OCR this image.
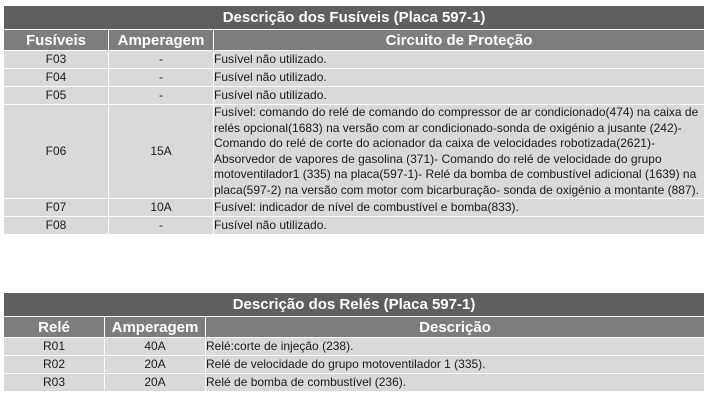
Descrição dos Fusíveis (Placa 597-1)		
Fusíveis	Amperagem	Circuito de Proteção
F03	-	Fusível não utilizado.
F04	-	Fusível não utilizado.
F05	-	Fusível não utilizado.
F06	15A	Fusível: comando do relé de comando do compressor de ar condicionado(474) na caixa de relés opcional(1683) na versão com ar condicionado-sonda de oxigénio a jusante (242)-Comando do relé de corte do acionador da caixa de velocidades robotizada(2621)- Absorvedor de vapores de gasolina (371)- Comando do relé de velocidade do grupo motoventilador1 (335) na placa(597-1)- Relé da bomba de combustível adicional (1639) na placa(597-2) na versão com motor com bicarburação- sonda de oxigénio a montante (887).
F07	10A	Fusível: indicador de nível de combustível e bomba(833).
F08	-	Fusível não utilizado.
Descrição dos Relés (Placa 597-1)		
Relé	Amperagem	Descrição
R01	40A	Relé:corte de injeção (238).
R02	20A	Relé de velocidade do grupo motoventilador 1 (335).
R03	20A	Relé de bomba de combustível (236).
